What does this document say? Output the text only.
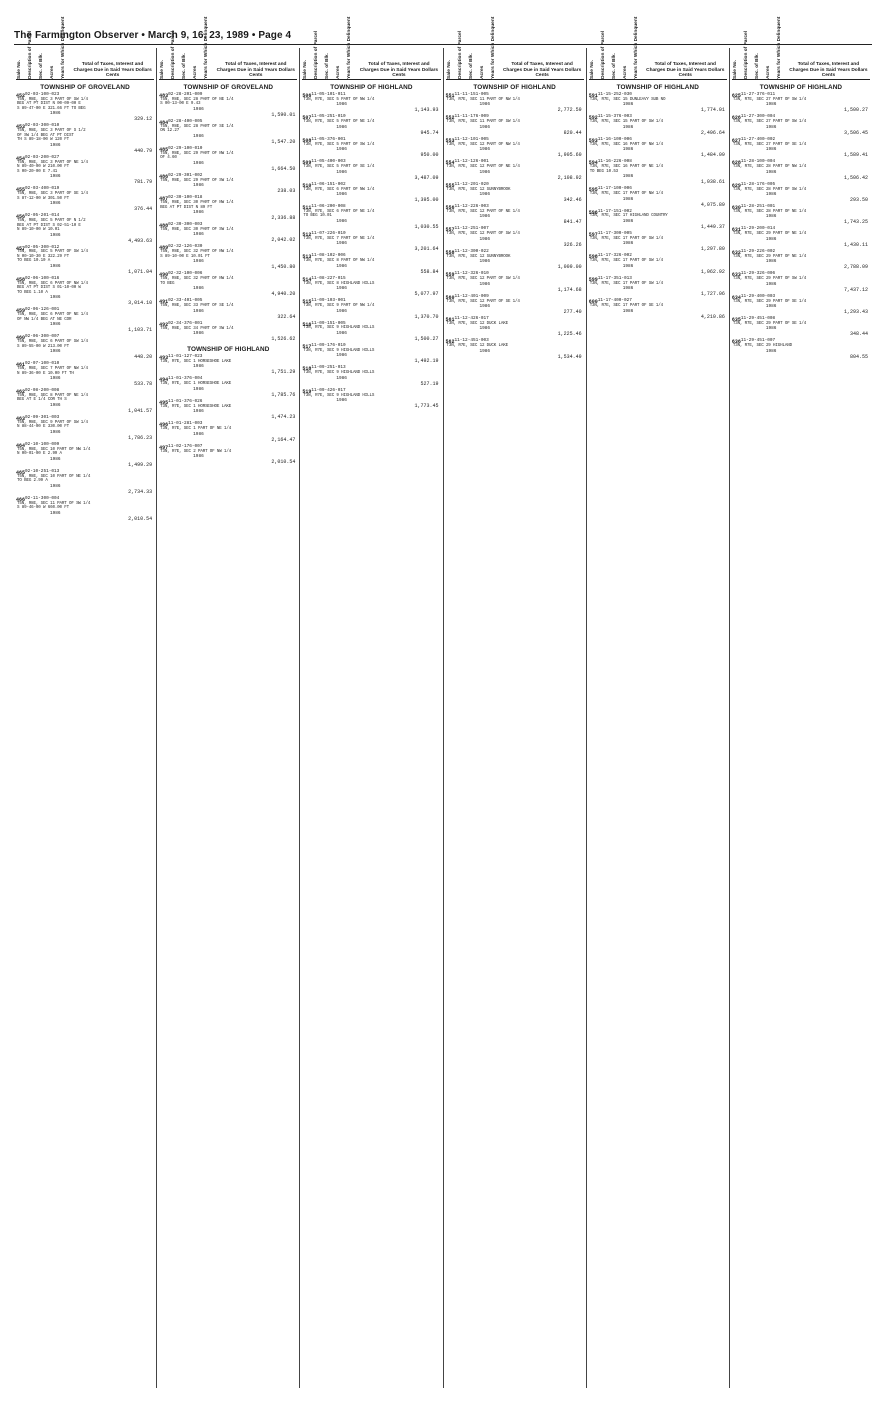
The Farmington Observer • March 9, 16, 23, 1989 • Page 4
Sale No.	Description of Parcel	Sec. of Blk.	Acres	Years for Which Delinquent	Total of Taxes, Interest and Charges Due in Said Years Dollars Cents
TOWNSHIP OF GROVELAND
452 02-03-100-023
T5N, R8E, SEC 3 PART OF SW 1/4
BEG AT PT DIST N 00-09-00 E
S 89-47-00 E 321.66 FT TO BEG
1986
329.12
453 02-03-300-010
T5N, R8E, SEC 3 PART OF S 1/2
OF SW 1/4 BEG AT PT DIST
TH S 89-18-00 W 120 FT
1986
440.79
454 02-03-200-027
T5N, R8E, SEC 3 PART OF NE 1/4
N 89-40-00 W 210.00 FT
S 00-20-00 E 7.41
1986
781.79
455 02-03-400-019
T5N, R8E, SEC 3 PART OF SE 1/4
S 87-12-00 W 301.50 FT
1986
376.44
456 02-05-201-014
T5N, R8E, SEC 5 PART OF N 1/2
BEG AT PT DIST S 02-51-10 E
N 89-10-00 W 10.01
1986
4,493.63
457 02-05-300-012
T5N, R8E, SEC 5 PART OF SW 1/4
N 00-10-30 E 322.29 FT
TO BEG 10.10 A
1986
1,071.04
458 02-06-100-016
T5N, R8E, SEC 6 PART OF NW 1/4
BEG AT PT DIST S 01-10-00 W
TO BEG 1.10 A
1986
3,014.10
459 02-06-126-001
T5N, R8E, SEC 6 PART OF NE 1/4
OF NW 1/4 BEG AT NE COR
1986
1,103.71
460 02-06-300-007
T5N, R8E, SEC 6 PART OF SW 1/4
S 89-55-00 W 213.00 FT
1986
448.20
461 02-07-100-010
T5N, R8E, SEC 7 PART OF NW 1/4
N 89-36-00 E 10.00 FT TH
1986
533.78
462 02-08-200-008
T5N, R8E, SEC 8 PART OF NE 1/4
BEG AT E 1/4 COR TH S
1986
1,041.57
463 02-09-301-003
T5N, R8E, SEC 9 PART OF SW 1/4
N 88-44-00 E 330.00 FT
1986
1,786.23
464 02-10-100-009
T5N, R8E, SEC 10 PART OF NW 1/4
N 00-01-00 E 2.99 A
1986
1,499.29
465 02-10-251-013
T5N, R8E, SEC 10 PART OF NE 1/4
TO BEG 2.99 A
1986
2,734.33
466 02-11-300-004
T5N, R8E, SEC 11 PART OF SW 1/4
S 89-46-00 W 660.00 FT
1986
2,010.54
Sale No.	Description of Parcel	Sec. of Blk.	Acres	Years for Which Delinquent	Total of Taxes, Interest and Charges Due in Said Years Dollars Cents
TOWNSHIP OF GROVELAND
483 02-28-201-009
T5N, R8E, SEC 28 PART OF NE 1/4
S 00-13-00 E 9.43
1986
1,590.01
484 02-28-400-005
T5N, R8E, SEC 28 PART OF SE 1/4
ON 12.27
1986
1,547.20
485 02-29-100-010
T5N, R8E, SEC 29 PART OF NW 1/4
OF 4.60
1986
1,664.50
486 02-29-301-002
T5N, R8E, SEC 29 PART OF SW 1/4
1986
238.03
487 02-30-100-018
T5N, R8E, SEC 30 PART OF NW 1/4
BEG AT PT DIST N 89 FT
1986
2,336.88
488 02-30-300-003
T5N, R8E, SEC 30 PART OF SW 1/4
1986
2,042.02
489 02-32-126-030
T5N, R8E, SEC 32 PART OF NW 1/4
S 89-10-00 E 10.01 FT
1986
1,450.80
490 02-32-100-006
T5N, R8E, SEC 32 PART OF NW 1/4
TO BEG
1986
4,940.20
491 02-33-401-005
T5N, R8E, SEC 33 PART OF SE 1/4
1986
322.64
492 02-34-376-001
T5N, R8E, SEC 34 PART OF SW 1/4
1986
1,526.62
TOWNSHIP OF HIGHLAND
493 11-01-127-023
T3N, R7E, SEC 1 HORSESHOE LAKE
1986
1,751.29
494 11-01-376-004
T3N, R7E, SEC 1 HORSESHOE LAKE
1986
1,785.76
495 11-01-376-026
T3N, R7E, SEC 1 HORSESHOE LAKE
1986
1,474.23
496 11-01-281-003
T3N, R7E, SEC 1 PART OF NE 1/4
1986
2,164.47
497 11-02-176-007
T3N, R7E, SEC 2 PART OF NW 1/4
1986
2,010.54
Sale No.	Description of Parcel	Sec. of Blk.	Acres	Years for Which Delinquent	Total of Taxes, Interest and Charges Due in Said Years Dollars Cents
TOWNSHIP OF HIGHLAND
506 11-05-101-011
T3N, R7E, SEC 5 PART OF NW 1/4
1986
1,143.93
507 11-05-251-010
T3N, R7E, SEC 5 PART OF NE 1/4
1986
945.74
508 11-05-376-001
T3N, R7E, SEC 5 PART OF SW 1/4
1986
950.00
509 11-05-400-003
T3N, R7E, SEC 5 PART OF SE 1/4
1986
3,487.09
510 11-06-151-002
T3N, R7E, SEC 6 PART OF NW 1/4
1986
1,395.00
511 11-06-200-008
T3N, R7E, SEC 6 PART OF NE 1/4
TO BEG 10.01
1986
1,030.55
512 11-07-226-010
T3N, R7E, SEC 7 PART OF NE 1/4
1986
3,201.64
513 11-08-102-006
T3N, R7E, SEC 8 PART OF NW 1/4
1986
558.84
514 11-08-227-015
T3N, R7E, SEC 8 HIGHLAND HILLS
1986
5,077.97
515 11-09-103-001
T3N, R7E, SEC 9 PART OF NW 1/4
1986
1,370.70
516 11-09-151-005
T3N, R7E, SEC 9 HIGHLAND HILLS
1986
1,500.27
517 11-09-176-010
T3N, R7E, SEC 9 HIGHLAND HILLS
1986
1,492.19
518 11-09-251-013
T3N, R7E, SEC 9 HIGHLAND HILLS
1986
527.19
519 11-09-426-017
T3N, R7E, SEC 9 HIGHLAND HILLS
1986
1,773.45
Sale No.	Description of Parcel	Sec. of Blk.	Acres	Years for Which Delinquent	Total of Taxes, Interest and Charges Due in Said Years Dollars Cents
TOWNSHIP OF HIGHLAND
551 11-11-151-005
T3N, R7E, SEC 11 PART OF NW 1/4
1986
2,772.59
552 11-11-176-009
T3N, R7E, SEC 11 PART OF SW 1/4
1986
820.44
553 11-12-101-005
T3N, R7E, SEC 12 PART OF NW 1/4
1986
1,905.60
554 11-12-126-001
T3N, R7E, SEC 12 PART OF NE 1/4
1986
2,108.92
555 11-12-201-020
T3N, R7E, SEC 12 SUNNYBROOK
1986
342.46
556 11-12-226-003
T3N, R7E, SEC 12 PART OF NE 1/4
1986
841.47
557 11-12-251-007
T3N, R7E, SEC 12 PART OF SW 1/4
1986
326.26
558 11-12-300-022
T3N, R7E, SEC 12 SUNNYBROOK
1986
1,009.00
559 11-12-326-010
T3N, R7E, SEC 12 PART OF SW 1/4
1986
1,174.68
560 11-12-401-009
T3N, R7E, SEC 12 PART OF SE 1/4
1986
277.40
561 11-12-426-017
T3N, R7E, SEC 12 DUCK LAKE
1986
1,225.46
562 11-12-451-003
T3N, R7E, SEC 12 DUCK LAKE
1986
1,534.49
Sale No.	Description of Parcel	Sec. of Blk.	Acres	Years for Which Delinquent	Total of Taxes, Interest and Charges Due in Said Years Dollars Cents
TOWNSHIP OF HIGHLAND
591 11-15-252-030
T3N, R7E, SEC 15 DUNLEAVY SUB NO
1986
1,774.01
592 11-15-376-003
T3N, R7E, SEC 15 PART OF SW 1/4
1986
2,496.64
593 11-16-100-006
T3N, R7E, SEC 16 PART OF NW 1/4
1986
1,484.09
594 11-16-226-008
T3N, R7E, SEC 16 PART OF NE 1/4
TO BEG 10.53
1986
1,038.61
595 11-17-100-006
T3N, R7E, SEC 17 PART OF NW 1/4
1986
4,075.89
596 11-17-151-002
T3N, R7E, SEC 17 HIGHLAND COUNTRY
1986
1,449.37
597 11-17-300-005
T3N, R7E, SEC 17 PART OF SW 1/4
1986
1,297.80
598 11-17-326-002
T3N, R7E, SEC 17 PART OF SW 1/4
1986
1,062.92
599 11-17-351-013
T3N, R7E, SEC 17 PART OF SW 1/4
1986
1,727.06
600 11-17-400-027
T3N, R7E, SEC 17 PART OF SE 1/4
1986
4,210.86
Sale No.	Description of Parcel	Sec. of Blk.	Acres	Years for Which Delinquent	Total of Taxes, Interest and Charges Due in Said Years Dollars Cents
TOWNSHIP OF HIGHLAND
625 11-27-376-011
T3N, R7E, SEC 27 PART OF SW 1/4
1986
1,500.27
626 11-27-300-004
T3N, R7E, SEC 27 PART OF SW 1/4
1986
3,506.45
627 11-27-400-002
T3N, R7E, SEC 27 PART OF SE 1/4
1986
1,589.41
628 11-28-100-004
T3N, R7E, SEC 28 PART OF NW 1/4
1986
1,506.42
629 11-28-176-005
T3N, R7E, SEC 28 PART OF SW 1/4
1986
293.50
630 11-28-251-001
T3N, R7E, SEC 28 PART OF NE 1/4
1986
1,743.25
631 11-29-200-014
T3N, R7E, SEC 29 PART OF NE 1/4
1986
1,430.11
632 11-29-226-002
T3N, R7E, SEC 29 PART OF NE 1/4
1986
2,788.09
633 11-29-326-006
T3N, R7E, SEC 29 PART OF SW 1/4
1986
7,437.12
634 11-29-400-003
T3N, R7E, SEC 29 PART OF SE 1/4
1986
1,293.43
635 11-29-451-008
T3N, R7E, SEC 29 PART OF SE 1/4
1986
348.44
636 11-29-451-007
T3N, R7E, SEC 29 HIGHLAND
1986
804.55
